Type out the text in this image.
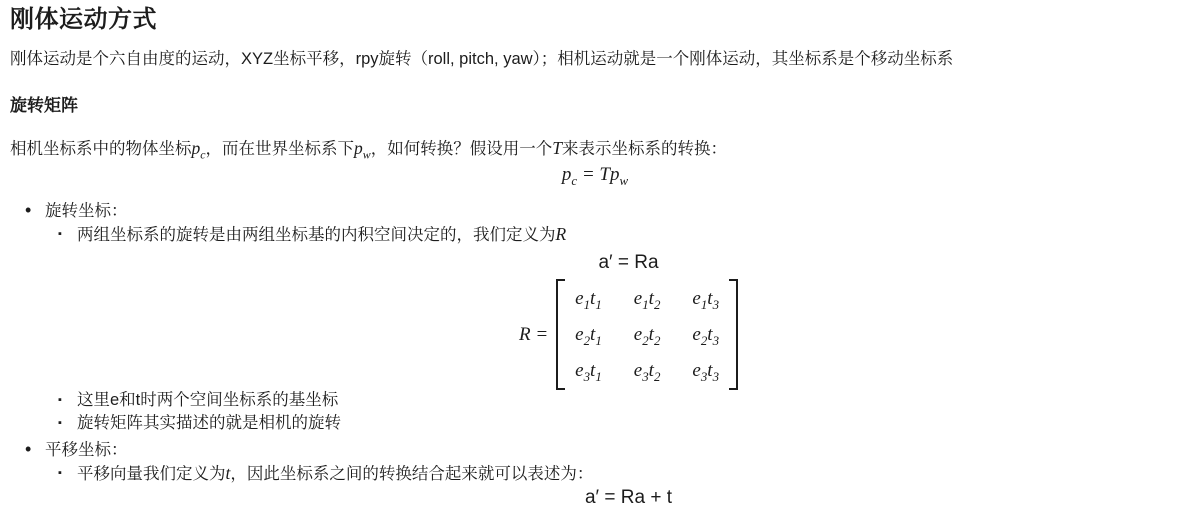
刚体运动方式

刚体运动是个六自由度的运动，XYZ坐标平移，rpy旋转（roll, pitch, yaw）；相机运动就是一个刚体运动，其坐标系是个移动坐标系

旋转矩阵

相机坐标系中的物体坐标$p_c$，而在世界坐标系下$p_w$，如何转换？假设用一个T来表示坐标系的转换：

$p_c = Tp_w$
• 旋转坐标：
▪ 两组坐标系的旋转是由两组坐标基的内积空间决定的，我们定义为R
a′ = Ra
R =
$e_1t_1$ $e_1t_2$ $e_1t_3$
$e_2t_1$ $e_2t_2$ $e_2t_3$
$e_3t_1$ $e_3t_2$ $e_3t_3$
▪ 这里e和t时两个空间坐标系的基坐标
▪ 旋转矩阵其实描述的就是相机的旋转
• 平移坐标：
▪ 平移向量我们定义为t，因此坐标系之间的转换结合起来就可以表述为：
a′ = Ra + t
